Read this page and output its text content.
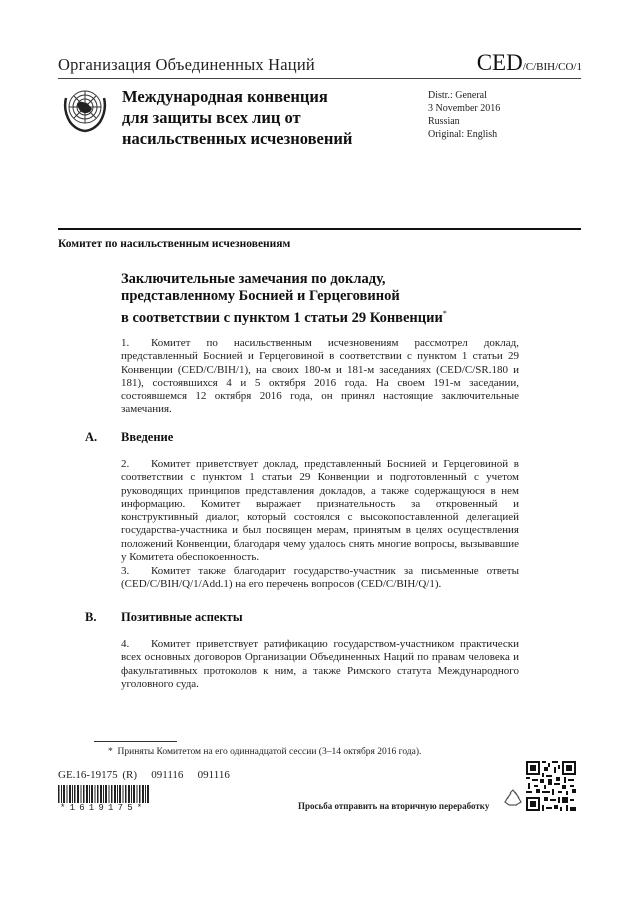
Организация Объединенных Наций	CED/C/BIH/CO/1
Международная конвенция
для защиты всех лиц от
насильственных исчезновений
Distr.: General
3 November 2016
Russian
Original: English
Комитет по насильственным исчезновениям
Заключительные замечания по докладу,
представленному Боснией и Герцеговиной
в соответствии с пунктом 1 статьи 29 Конвенции*
1. Комитет по насильственным исчезновениям рассмотрел доклад, представленный Боснией и Герцеговиной в соответствии с пунктом 1 статьи 29 Конвенции (CED/C/BIH/1), на своих 180-м и 181-м заседаниях (CED/C/SR.180 и 181), состоявшихся 4 и 5 октября 2016 года. На своем 191-м заседании, состоявшемся 12 октября 2016 года, он принял настоящие заключительные замечания.
A. Введение
2. Комитет приветствует доклад, представленный Боснией и Герцеговиной в соответствии с пунктом 1 статьи 29 Конвенции и подготовленный с учетом руководящих принципов представления докладов, а также содержащуюся в нем информацию. Комитет выражает признательность за откровенный и конструктивный диалог, который состоялся с высокопоставленной делегацией государства-участника и был посвящен мерам, принятым в целях осуществления положений Конвенции, благодаря чему удалось снять многие вопросы, вызывавшие у Комитета обеспокоенность.
3. Комитет также благодарит государство-участник за письменные ответы (CED/C/BIH/Q/1/Add.1) на его перечень вопросов (CED/C/BIH/Q/1).
B. Позитивные аспекты
4. Комитет приветствует ратификацию государством-участником практически всех основных договоров Организации Объединенных Наций по правам человека и факультативных протоколов к ним, а также Римского статута Международного уголовного суда.
* Приняты Комитетом на его одиннадцатой сессии (3–14 октября 2016 года).
GE.16-19175 (R)   091116   091116
*1619175*	Просьба отправить на вторичную переработку
